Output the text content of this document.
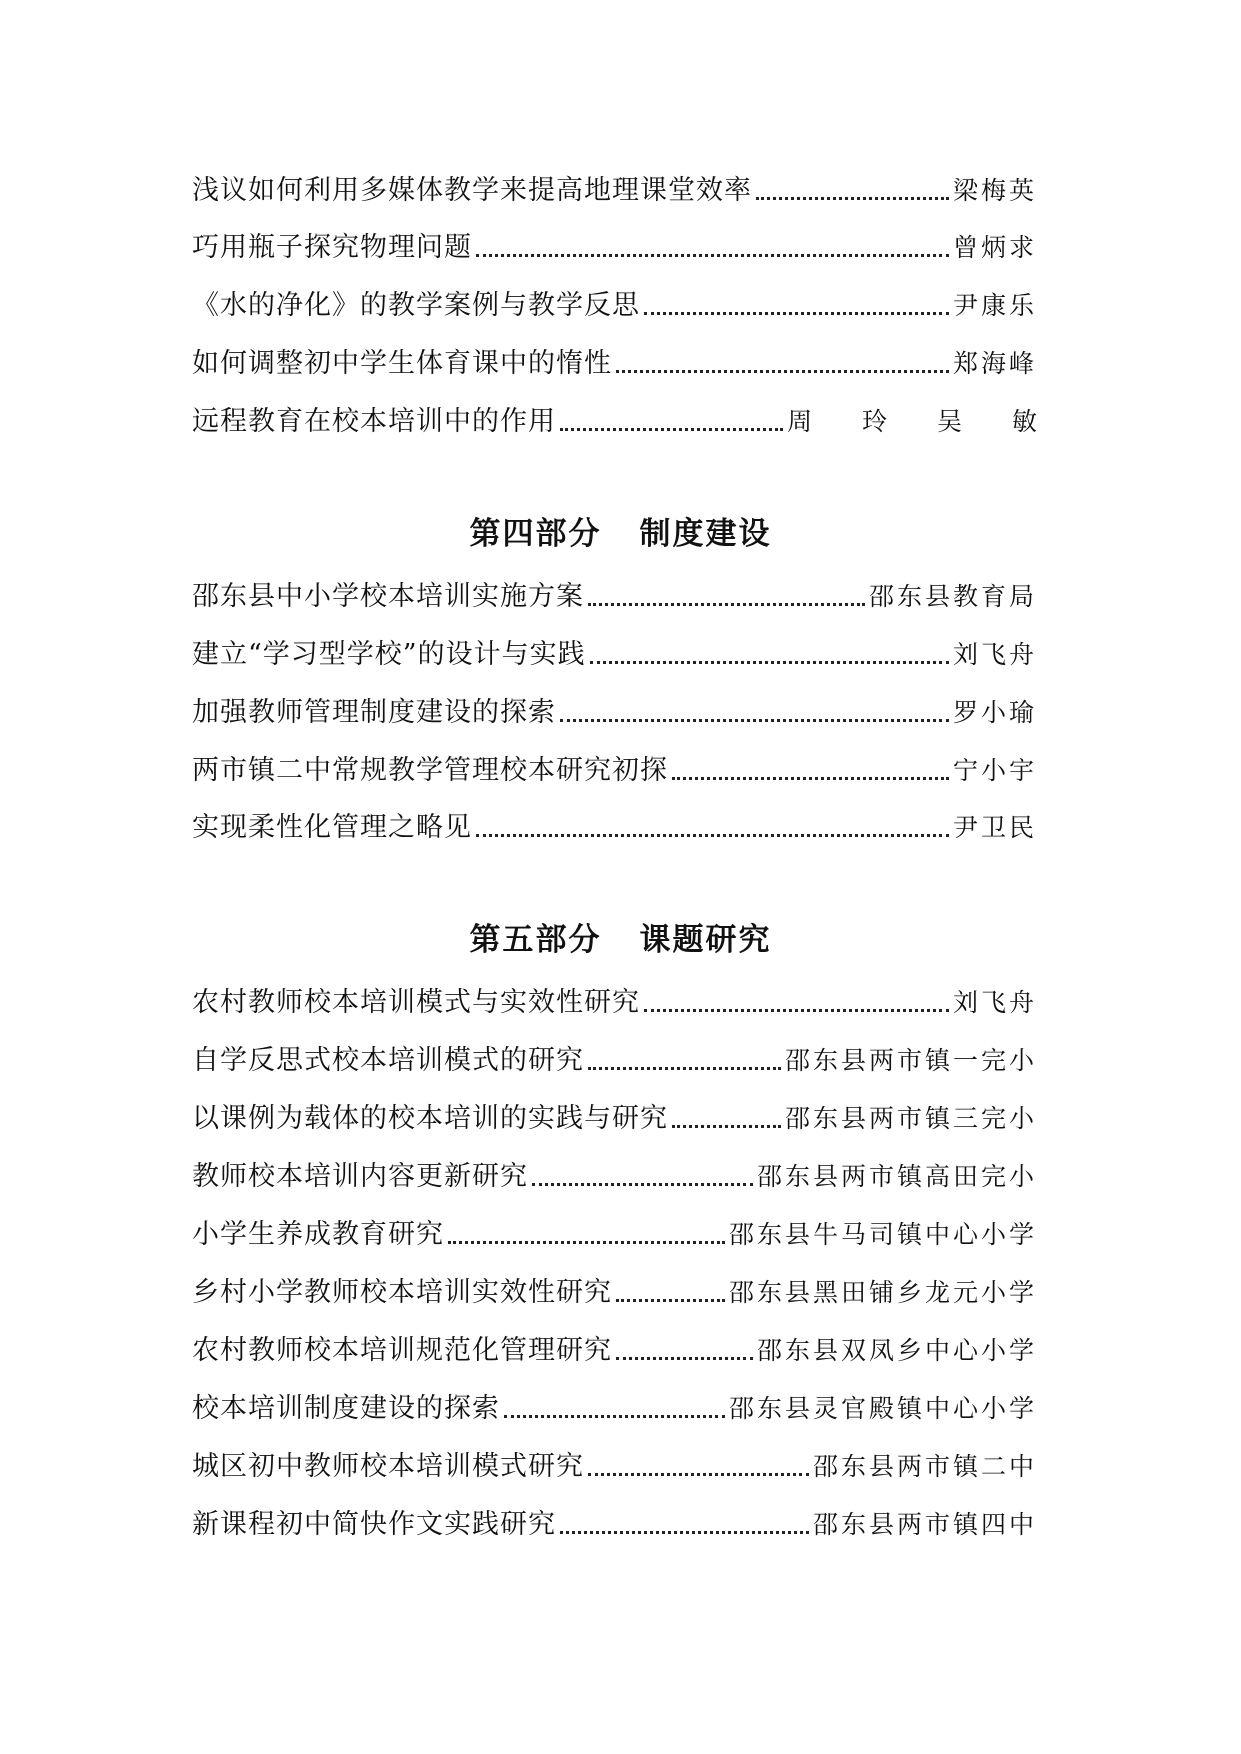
浅议如何利用多媒体教学来提高地理课堂效率	梁梅英
巧用瓶子探究物理问题	曾炳求
《水的净化》的教学案例与教学反思	尹康乐
如何调整初中学生体育课中的惰性	郑海峰
远程教育在校本培训中的作用	周 玲 吴 敏
第四部分 制度建设
邵东县中小学校本培训实施方案	邵东县教育局
建立“学习型学校”的设计与实践	刘飞舟
加强教师管理制度建设的探索	罗小瑜
两市镇二中常规教学管理校本研究初探	宁小宇
实现柔性化管理之略见	尹卫民
第五部分 课题研究
农村教师校本培训模式与实效性研究	刘飞舟
自学反思式校本培训模式的研究	邵东县两市镇一完小
以课例为载体的校本培训的实践与研究	邵东县两市镇三完小
教师校本培训内容更新研究	邵东县两市镇高田完小
小学生养成教育研究	邵东县牛马司镇中心小学
乡村小学教师校本培训实效性研究	邵东县黑田铺乡龙元小学
农村教师校本培训规范化管理研究	邵东县双凤乡中心小学
校本培训制度建设的探索	邵东县灵官殿镇中心小学
城区初中教师校本培训模式研究	邵东县两市镇二中
新课程初中简快作文实践研究	邵东县两市镇四中
